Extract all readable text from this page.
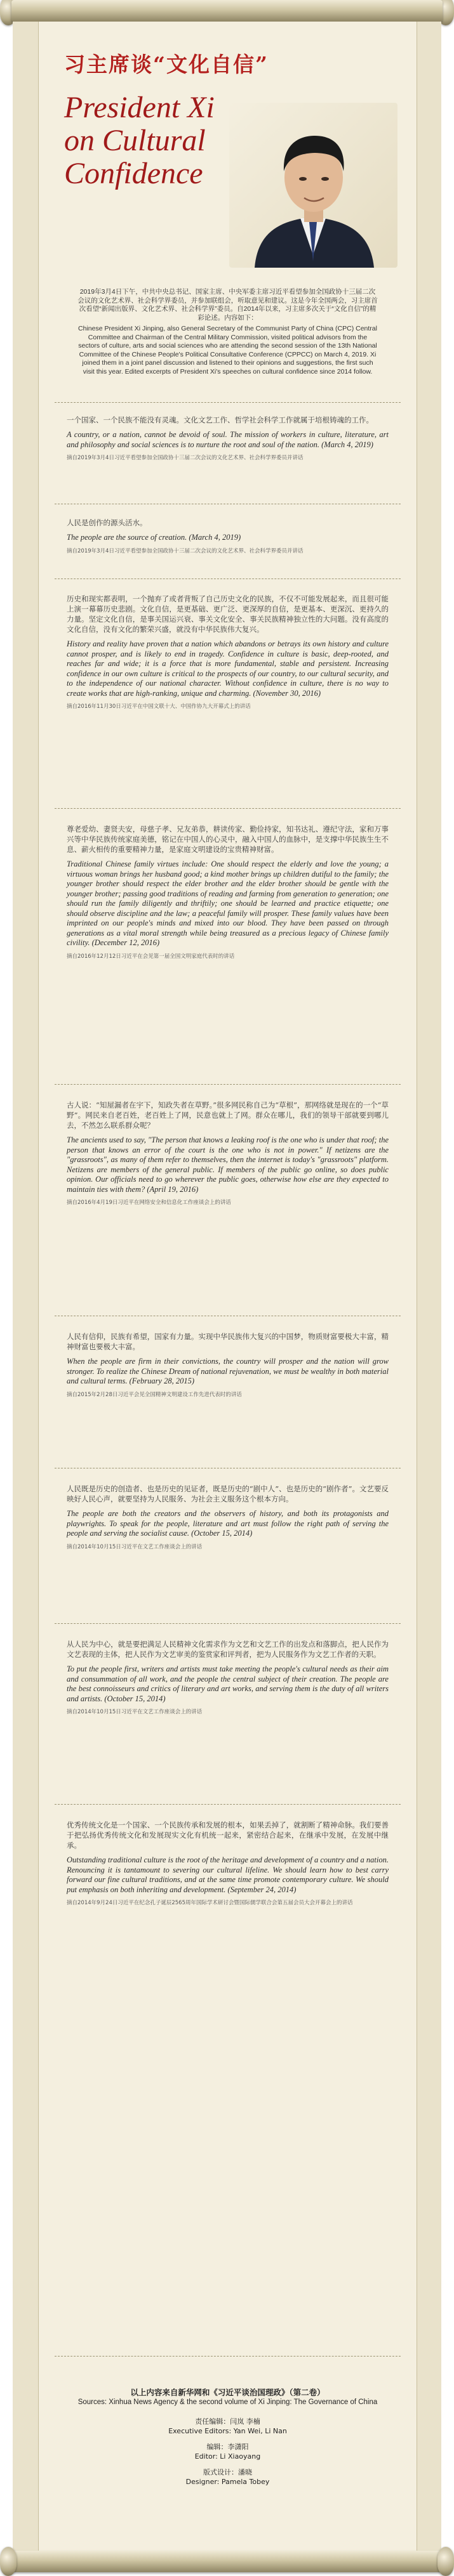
习主席谈“文化自信”
President Xi on Cultural Confidence

2019年3月4日下午，中共中央总书记、国家主席、中央军委主席习近平看望参加全国政协十三届二次会议的文化艺术界、社会科学界委员，并参加联组会，听取意见和建议。这是今年全国两会，习主席首次看望“新闻出版界、文化艺术界、社会科学界”委员。自2014年以来，习主席多次关于“文化自信”的精彩论述。内容如下：

Chinese President Xi Jinping, also General Secretary of the Communist Party of China (CPC) Central Committee and Chairman of the Central Military Commission, visited political advisors from the sectors of culture, arts and social sciences who are attending the second session of the 13th National Committee of the Chinese People's Political Consultative Conference (CPPCC) on March 4, 2019. Xi joined them in a joint panel discussion and listened to their opinions and suggestions, the first such visit this year. Edited excerpts of President Xi's speeches on cultural confidence since 2014 follow.

一个国家、一个民族不能没有灵魂。文化文艺工作、哲学社会科学工作就属于培根铸魂的工作。

A country, or a nation, cannot be devoid of soul. The mission of workers in culture, literature, art and philosophy and social sciences is to nurture the root and soul of the nation. (March 4, 2019)

摘自2019年3月4日习近平看望参加全国政协十三届二次会议的文化艺术界、社会科学界委员并讲话

人民是创作的源头活水。

The people are the source of creation. (March 4, 2019)

摘自2019年3月4日习近平看望参加全国政协十三届二次会议的文化艺术界、社会科学界委员并讲话

历史和现实都表明，一个抛弃了或者背叛了自己历史文化的民族，不仅不可能发展起来，而且很可能上演一幕幕历史悲剧。文化自信，是更基础、更广泛、更深厚的自信，是更基本、更深沉、更持久的力量。坚定文化自信，是事关国运兴衰、事关文化安全、事关民族精神独立性的大问题。没有高度的文化自信，没有文化的繁荣兴盛，就没有中华民族伟大复兴。

History and reality have proven that a nation which abandons or betrays its own history and culture cannot prosper, and is likely to end in tragedy. Confidence in culture is basic, deep-rooted, and reaches far and wide; it is a force that is more fundamental, stable and persistent. Increasing confidence in our own culture is critical to the prospects of our country, to our cultural security, and to the independence of our national character. Without confidence in culture, there is no way to create works that are high-ranking, unique and charming. (November 30, 2016)

摘自2016年11月30日习近平在中国文联十大、中国作协九大开幕式上的讲话

尊老爱幼、妻贤夫安，母慈子孝、兄友弟恭，耕读传家、勤俭持家，知书达礼、遵纪守法，家和万事兴等中华民族传统家庭美德，铭记在中国人的心灵中，融入中国人的血脉中，是支撑中华民族生生不息、薪火相传的重要精神力量，是家庭文明建设的宝贵精神财富。

Traditional Chinese family virtues include: One should respect the elderly and love the young; a virtuous woman brings her husband good; a kind mother brings up children dutiful to the family; the younger brother should respect the elder brother and the elder brother should be gentle with the younger brother; passing good traditions of reading and farming from generation to generation; one should run the family diligently and thriftily; one should be learned and practice etiquette; one should observe discipline and the law; a peaceful family will prosper. These family values have been imprinted on our people's minds and mixed into our blood. They have been passed on through generations as a vital moral strength while being treasured as a precious legacy of Chinese family civility. (December 12, 2016)

摘自2016年12月12日习近平在会见第一届全国文明家庭代表时的讲话

古人说：“知屋漏者在宇下，知政失者在草野。”很多网民称自己为“草根”，那网络就是现在的一个“草野”。网民来自老百姓，老百姓上了网，民意也就上了网。群众在哪儿，我们的领导干部就要到哪儿去，不然怎么联系群众呢？

The ancients used to say, "The person that knows a leaking roof is the one who is under that roof; the person that knows an error of the court is the one who is not in power." If netizens are the "grassroots", as many of them refer to themselves, then the internet is today's "grassroots" platform. Netizens are members of the general public. If members of the public go online, so does public opinion. Our officials need to go wherever the public goes, otherwise how else are they expected to maintain ties with them? (April 19, 2016)

摘自2016年4月19日习近平在网络安全和信息化工作座谈会上的讲话

人民有信仰，民族有希望，国家有力量。实现中华民族伟大复兴的中国梦，物质财富要极大丰富，精神财富也要极大丰富。

When the people are firm in their convictions, the country will prosper and the nation will grow stronger. To realize the Chinese Dream of national rejuvenation, we must be wealthy in both material and cultural terms. (February 28, 2015)

摘自2015年2月28日习近平会见全国精神文明建设工作先进代表时的讲话

人民既是历史的创造者、也是历史的见证者，既是历史的“剧中人”、也是历史的“剧作者”。文艺要反映好人民心声，就要坚持为人民服务、为社会主义服务这个根本方向。

The people are both the creators and the observers of history, and both its protagonists and playwrights. To speak for the people, literature and art must follow the right path of serving the people and serving the socialist cause. (October 15, 2014)

摘自2014年10月15日习近平在文艺工作座谈会上的讲话

从人民为中心，就是要把满足人民精神文化需求作为文艺和文艺工作的出发点和落脚点，把人民作为文艺表现的主体，把人民作为文艺审美的鉴赏家和评判者，把为人民服务作为文艺工作者的天职。

To put the people first, writers and artists must take meeting the people's cultural needs as their aim and consummation of all work, and the people the central subject of their creation. The people are the best connoisseurs and critics of literary and art works, and serving them is the duty of all writers and artists. (October 15, 2014)

摘自2014年10月15日习近平在文艺工作座谈会上的讲话

优秀传统文化是一个国家、一个民族传承和发展的根本，如果丢掉了，就割断了精神命脉。我们要善于把弘扬优秀传统文化和发展现实文化有机统一起来，紧密结合起来，在继承中发展，在发展中继承。

Outstanding traditional culture is the root of the heritage and development of a country and a nation. Renouncing it is tantamount to severing our cultural lifeline. We should learn how to best carry forward our fine cultural traditions, and at the same time promote contemporary culture. We should put emphasis on both inheriting and development. (September 24, 2014)

摘自2014年9月24日习近平在纪念孔子诞辰2565周年国际学术研讨会暨国际儒学联合会第五届会员大会开幕会上的讲话

以上内容来自新华网和《习近平谈治国理政》（第二卷）

Sources: Xinhua News Agency & the second volume of Xi Jinping: The Governance of China

责任编辑：闫岚 李楠

Executive Editors: Yan Wei, Li Nan

编辑：李潇阳

Editor: Li Xiaoyang

版式设计：潘晓

Designer: Pamela Tobey
